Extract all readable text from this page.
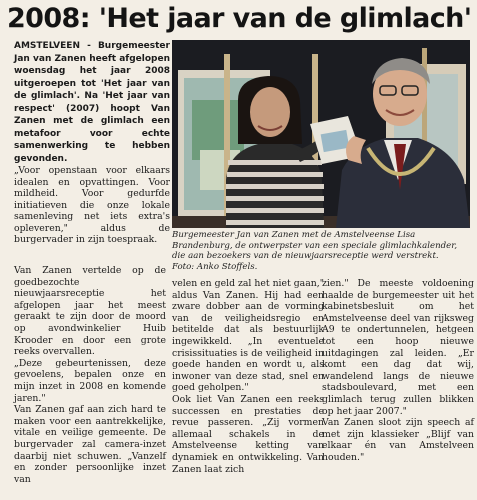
2008: 'Het jaar van de glimlach'

AMSTELVEEN - Burgemeester Jan van Zanen heeft afgelopen woensdag het jaar 2008 uitgeroepen tot 'Het jaar van de glimlach'. Na 'Het jaar van respect' (2007) hoopt Van Zanen met de glimlach een metafoor voor echte samenwerking te hebben gevonden.

„Voor openstaan voor elkaars idealen en opvattingen. Voor mildheid. Voor gedurfde initiatieven die onze lokale samenleving net iets extra's opleveren," aldus de burgervader in zijn toespraak.	Burgemeester Jan van Zanen met de Amstelveense Lisa Brandenburg, de ontwerpster van een speciale glimlachkalender, die aan bezoekers van de nieuwjaarsreceptie werd verstrekt.

Foto: Anko Stoffels.

Van Zanen vertelde op de goedbezochte nieuwjaarsreceptie het afgelopen jaar het meest geraakt te zijn door de moord op avondwinkelier Huib Krooder en door een grote reeks overvallen.

„Deze gebeurtenissen, deze gevoelens, bepalen onze en mijn inzet in 2008 en komende jaren."

Van Zanen gaf aan zich hard te maken voor een aantrekkelijke, vitale en veilige gemeente. De burgervader zal camera-inzet daarbij niet schuwen. „Vanzelf en zonder persoonlijke inzet van

velen en geld zal het niet gaan," aldus Van Zanen. Hij had een zware dobber aan de vorming van de veiligheidsregio en betitelde dat als bestuurlijk ingewikkeld. „In eventuele crisissituaties is de veiligheid in goede handen en wordt u, als inwoner van deze stad, snel en goed geholpen."

Ook liet Van Zanen een reeks successen en prestaties de revue passeren. „Zij vormen allemaal schakels in de Amstelveense ketting van dynamiek en ontwikkeling. Van Zanen laat zich

zien." De meeste voldoening haalde de burgemeester uit het kabinetsbesluit om het Amstelveense deel van rijksweg A9 te ondertunnelen, hetgeen tot een hoop nieuwe uitdagingen zal leiden. „Er komt een dag dat wij, wandelend langs de nieuwe stadsboulevard, met een glimlach terug zullen blikken op het jaar 2007."

Van Zanen sloot zijn speech af met zijn klassieker „Blijf van elkaar én van Amstelveen houden."
